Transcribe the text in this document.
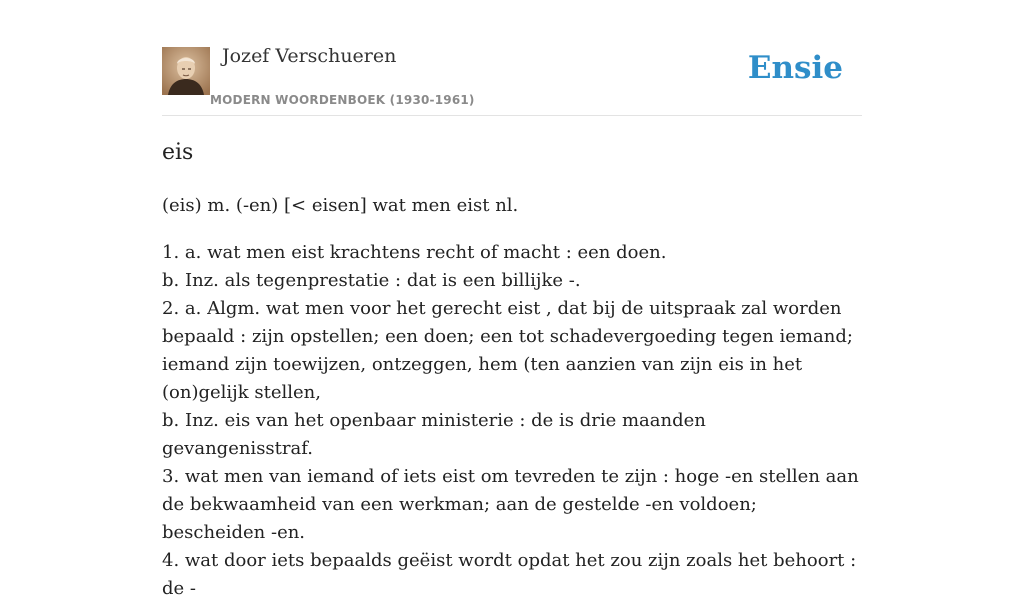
Jozef Verschueren
MODERN WOORDENBOEK (1930-1961)
Ensie
eis

(eis) m. (-en) [< eisen] wat men eist nl.

1. a. wat men eist krachtens recht of macht : een doen.

b. Inz. als tegenprestatie : dat is een billijke -.

2. a. Algm. wat men voor het gerecht eist , dat bij de uitspraak zal worden bepaald : zijn opstellen; een doen; een tot schadevergoeding tegen iemand; iemand zijn toewijzen, ontzeggen, hem (ten aanzien van zijn eis in het (on)gelijk stellen,

b. Inz. eis van het openbaar ministerie : de is drie maanden gevangenisstraf.

3. wat men van iemand of iets eist om tevreden te zijn : hoge -en stellen aan de bekwaamheid van een werkman; aan de gestelde -en voldoen; bescheiden -en.

4. wat door iets bepaalds geëist wordt opdat het zou zijn zoals het behoort : de -
